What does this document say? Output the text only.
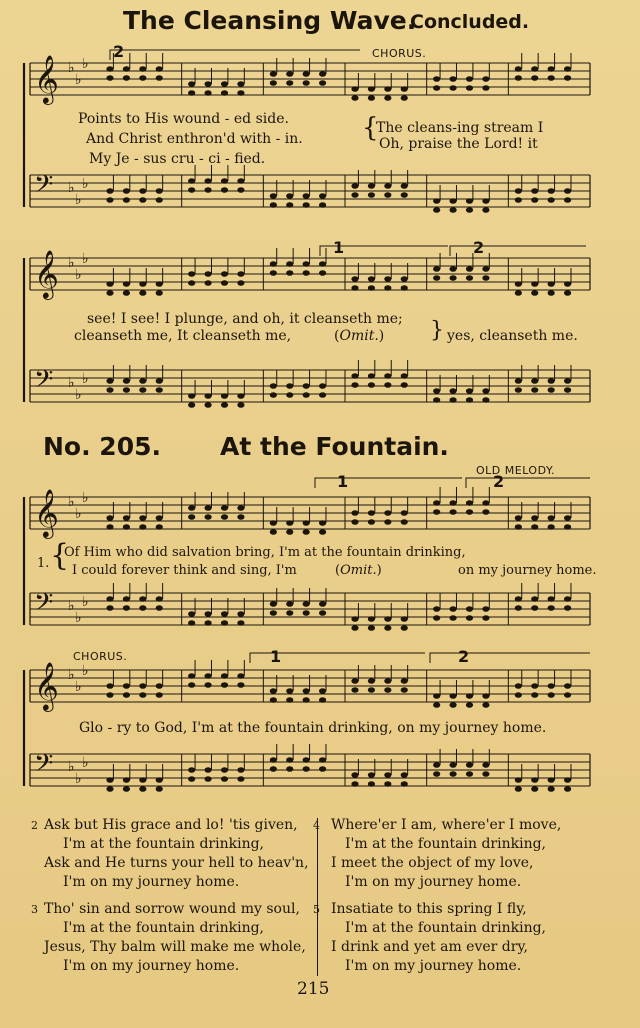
𝄞 ♭
♭
♭
𝄢 ♭
♭
♭
𝄞 ♭
♭
♭
𝄢 ♭
♭
♭
𝄞 ♭
♭
♭
𝄢 ♭
♭
♭
𝄞 ♭
♭
♭
𝄢 ♭
♭
♭
The Cleansing Wave.
Concluded.
2	CHORUS.
Points to His wound - ed side.
And Christ enthron'd with - in.
My Je - sus cru - ci - fied.
{
The cleans-ing stream I
Oh, praise the Lord! it
1	2
see! I see! I plunge, and oh, it cleanseth me;
cleanseth me, It cleanseth me,	(Omit.) } yes, cleanseth me.
No. 205. At the Fountain.
OLD MELODY.
1	2
1. {
Of Him who did salvation bring, I'm at the fountain drinking,
I could forever think and sing, I'm	(Omit.)	on my journey home.
CHORUS.	1	2
Glo - ry to God, I'm at the fountain drinking, on my journey home.
2 Ask but His grace and lo! 'tis given,
I'm at the fountain drinking,
Ask and He turns your hell to heav'n,
I'm on my journey home.
3 Tho' sin and sorrow wound my soul,
I'm at the fountain drinking,
Jesus, Thy balm will make me whole,
I'm on my journey home.
4 Where'er I am, where'er I move,
I'm at the fountain drinking,
I meet the object of my love,
I'm on my journey home.
5 Insatiate to this spring I fly,
I'm at the fountain drinking,
I drink and yet am ever dry,
I'm on my journey home.
215
